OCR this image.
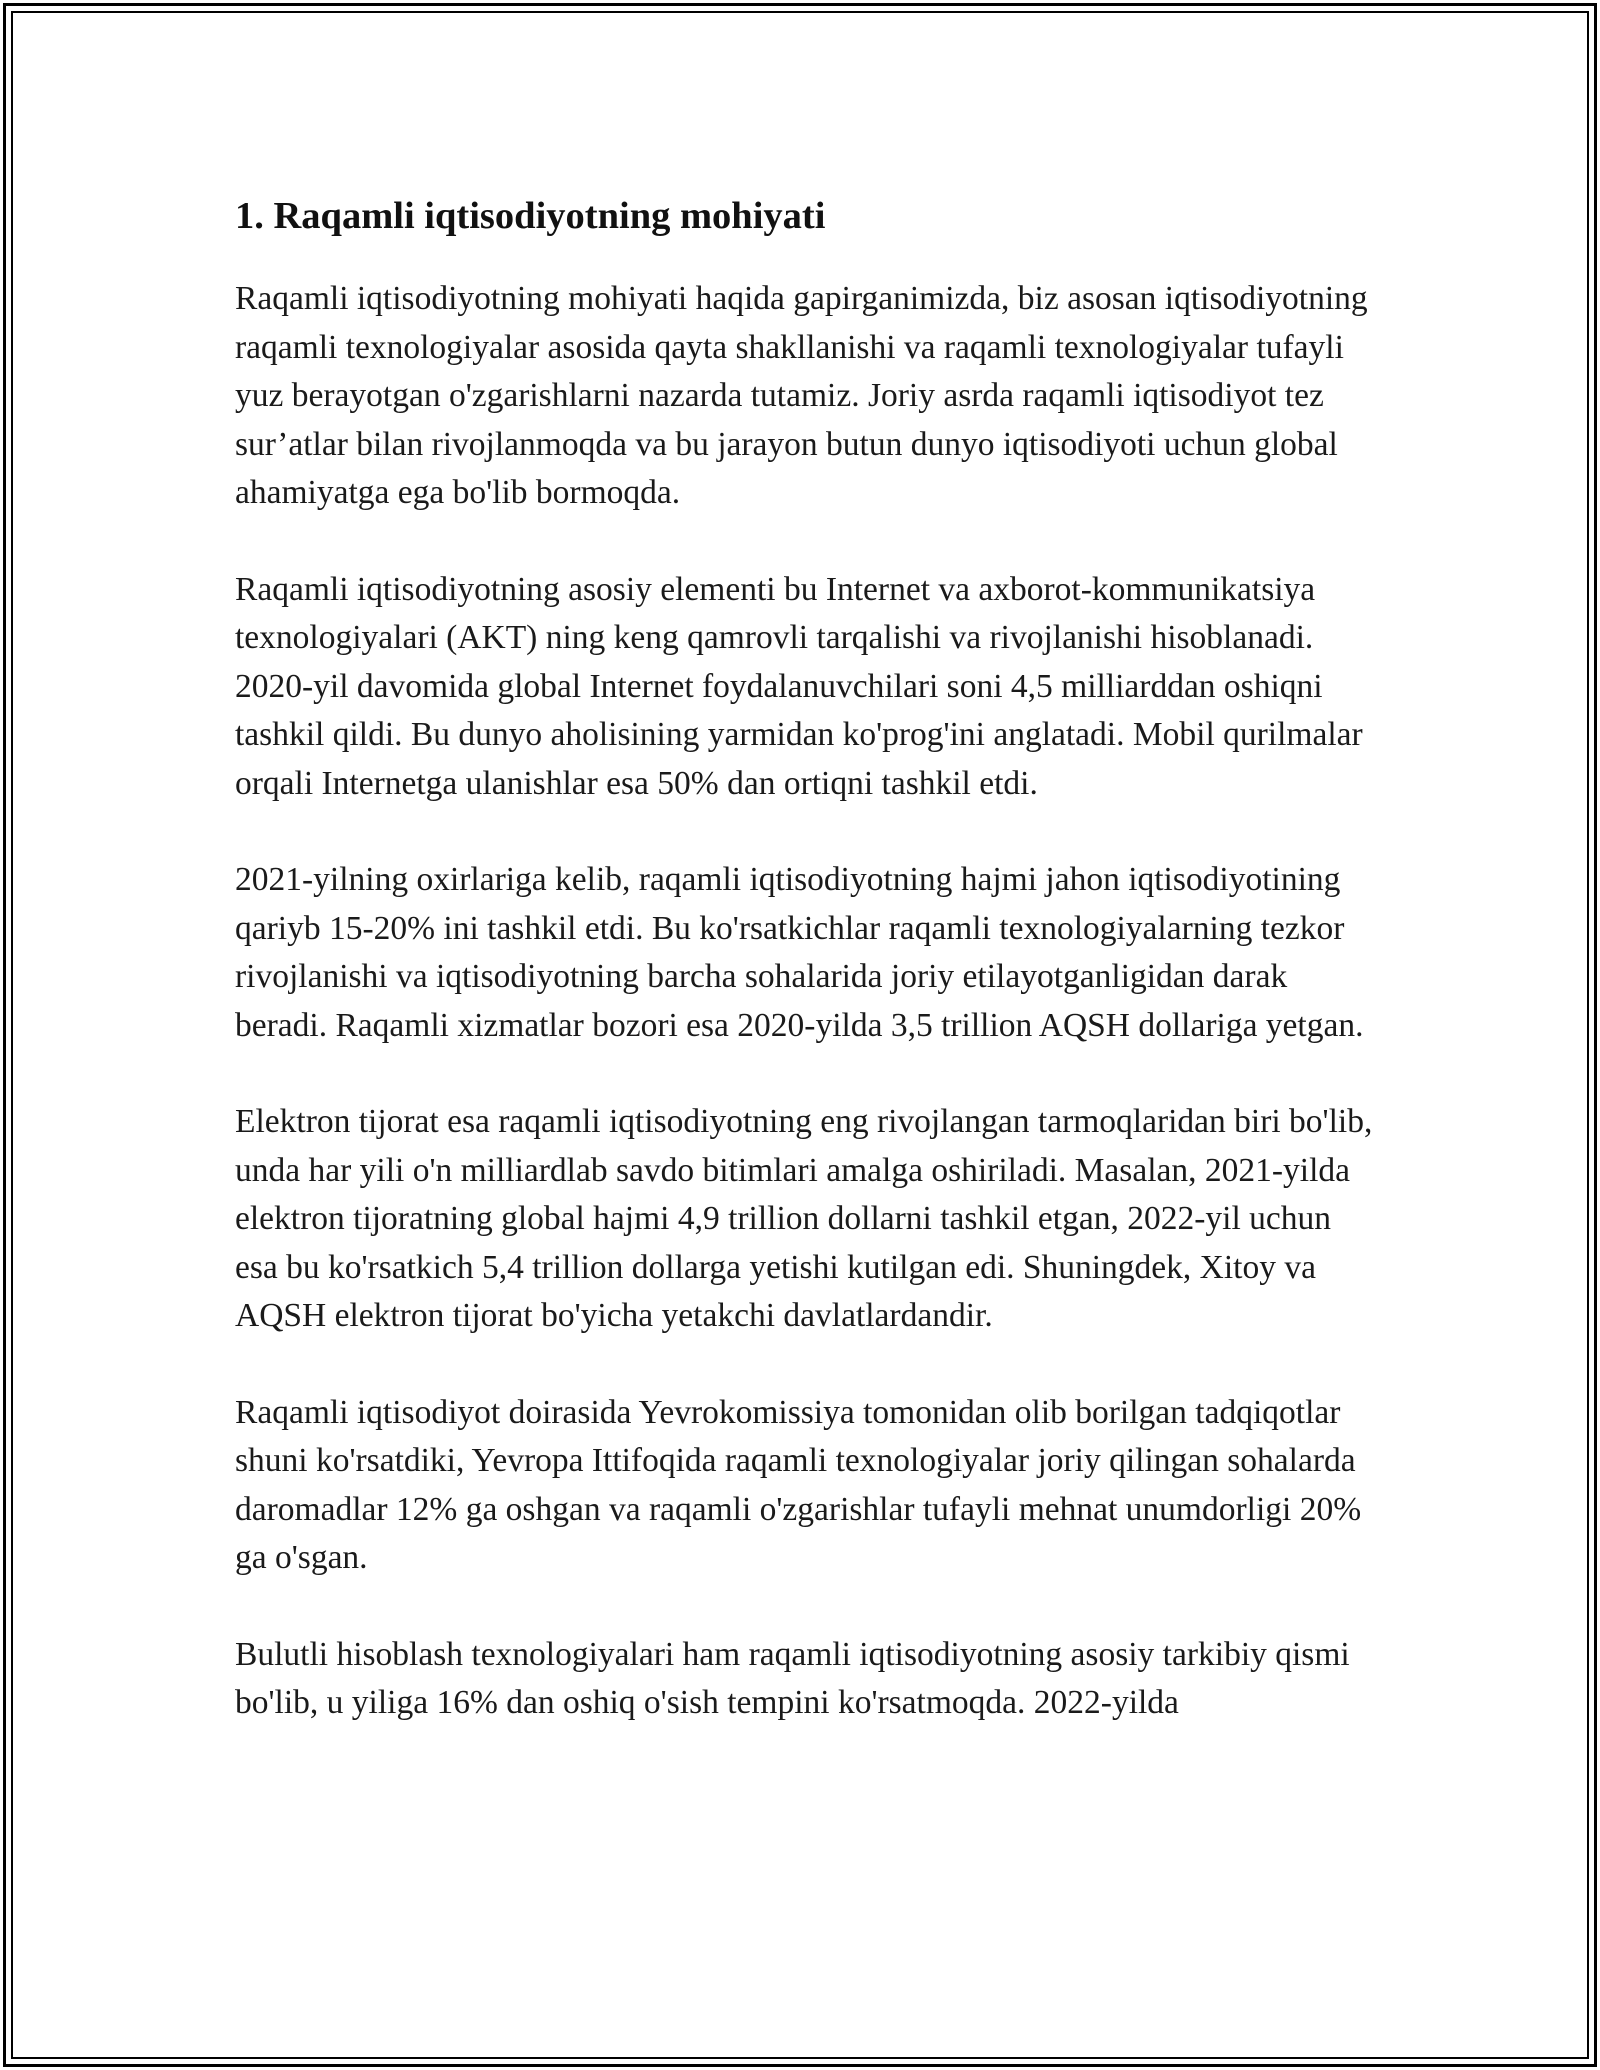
1. Raqamli iqtisodiyotning mohiyati

Raqamli iqtisodiyotning mohiyati haqida gapirganimizda, biz asosan iqtisodiyotning raqamli texnologiyalar asosida qayta shakllanishi va raqamli texnologiyalar tufayli yuz berayotgan o'zgarishlarni nazarda tutamiz. Joriy asrda raqamli iqtisodiyot tez sur’atlar bilan rivojlanmoqda va bu jarayon butun dunyo iqtisodiyoti uchun global ahamiyatga ega bo'lib bormoqda.

Raqamli iqtisodiyotning asosiy elementi bu Internet va axborot-kommunikatsiya texnologiyalari (AKT) ning keng qamrovli tarqalishi va rivojlanishi hisoblanadi. 2020-yil davomida global Internet foydalanuvchilari soni 4,5 milliarddan oshiqni tashkil qildi. Bu dunyo aholisining yarmidan ko'prog'ini anglatadi. Mobil qurilmalar orqali Internetga ulanishlar esa 50% dan ortiqni tashkil etdi.

2021-yilning oxirlariga kelib, raqamli iqtisodiyotning hajmi jahon iqtisodiyotining qariyb 15-20% ini tashkil etdi. Bu ko'rsatkichlar raqamli texnologiyalarning tezkor rivojlanishi va iqtisodiyotning barcha sohalarida joriy etilayotganligidan darak beradi. Raqamli xizmatlar bozori esa 2020-yilda 3,5 trillion AQSH dollariga yetgan.

Elektron tijorat esa raqamli iqtisodiyotning eng rivojlangan tarmoqlaridan biri bo'lib, unda har yili o'n milliardlab savdo bitimlari amalga oshiriladi. Masalan, 2021-yilda elektron tijoratning global hajmi 4,9 trillion dollarni tashkil etgan, 2022-yil uchun esa bu ko'rsatkich 5,4 trillion dollarga yetishi kutilgan edi. Shuningdek, Xitoy va AQSH elektron tijorat bo'yicha yetakchi davlatlardandir.

Raqamli iqtisodiyot doirasida Yevrokomissiya tomonidan olib borilgan tadqiqotlar shuni ko'rsatdiki, Yevropa Ittifoqida raqamli texnologiyalar joriy qilingan sohalarda daromadlar 12% ga oshgan va raqamli o'zgarishlar tufayli mehnat unumdorligi 20% ga o'sgan.

Bulutli hisoblash texnologiyalari ham raqamli iqtisodiyotning asosiy tarkibiy qismi bo'lib, u yiliga 16% dan oshiq o'sish tempini ko'rsatmoqda. 2022-yilda
